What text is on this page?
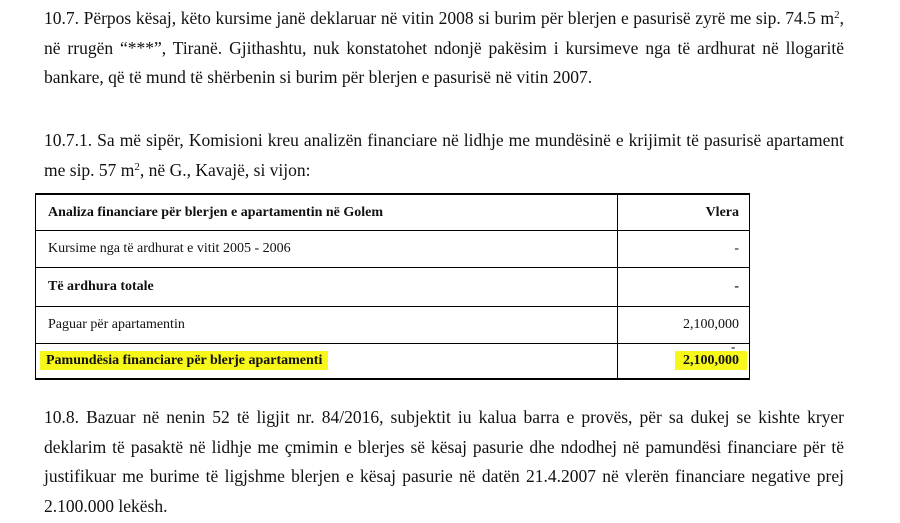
10.7. Përpos kësaj, këto kursime janë deklaruar në vitin 2008 si burim për blerjen e pasurisë zyrë me sip. 74.5 $m^2$, në rrugën “***”, Tiranë. Gjithashtu, nuk konstatohet ndonjë pakësim i kursimeve nga të ardhurat në llogaritë bankare, që të mund të shërbenin si burim për blerjen e pasurisë në vitin 2007.

10.7.1. Sa më sipër, Komisioni kreu analizën financiare në lidhje me mundësinë e krijimit të pasurisë apartament me sip. 57 $m^2$, në G., Kavajë, si vijon:

Analiza financiare për blerjen e apartamentin në Golem	Vlera
Kursime nga të ardhurat e vitit 2005 - 2006	-
Të ardhura totale	-
Paguar për apartamentin	2,100,000
Pamundësia financiare për blerje apartamenti	2,100,000
-

10.8. Bazuar në nenin 52 të ligjit nr. 84/2016, subjektit iu kalua barra e provës, për sa dukej se kishte kryer deklarim të pasaktë në lidhje me çmimin e blerjes së kësaj pasurie dhe ndodhej në pamundësi financiare për të justifikuar me burime të ligjshme blerjen e kësaj pasurie në datën 21.4.2007 në vlerën financiare negative prej 2.100.000 lekësh.
